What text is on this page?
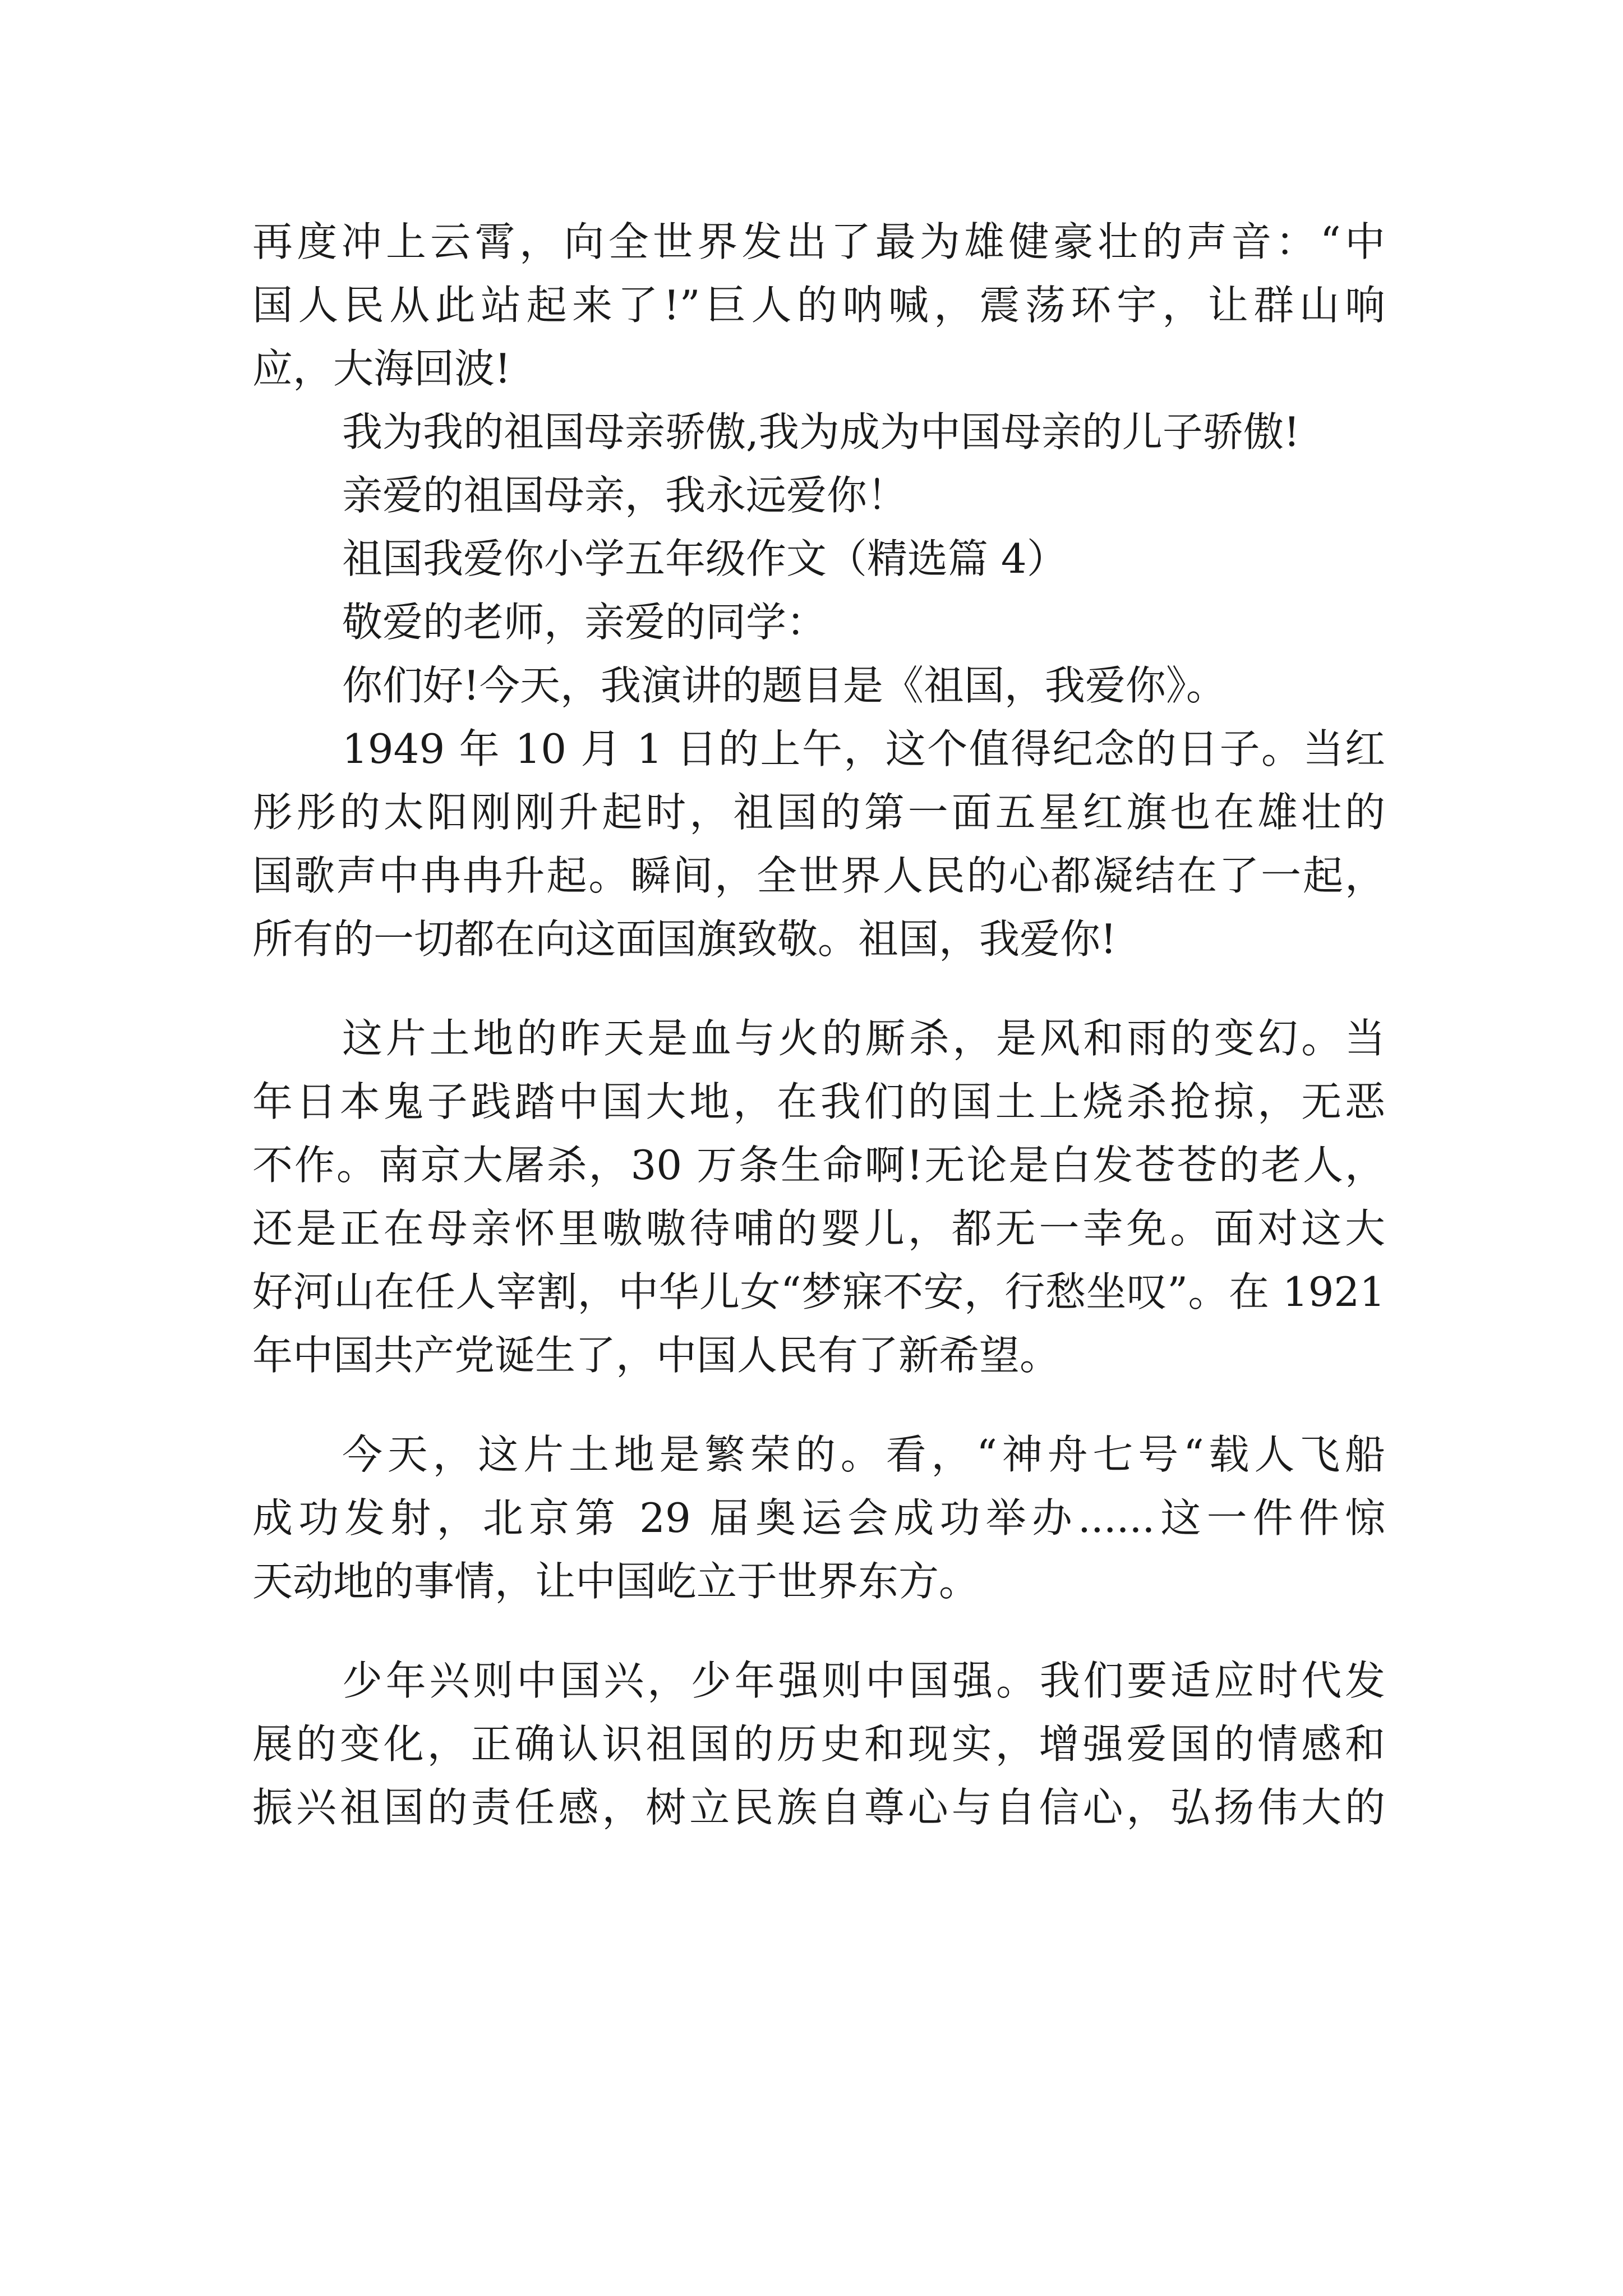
再度冲上云霄，向全世界发出了最为雄健豪壮的声音：“中
国人民从此站起来了!”巨人的呐喊，震荡环宇，让群山响
应，大海回波!
我为我的祖国母亲骄傲,我为成为中国母亲的儿子骄傲!
亲爱的祖国母亲，我永远爱你！
祖国我爱你小学五年级作文（精选篇 4）
敬爱的老师，亲爱的同学：
你们好!今天，我演讲的题目是《祖国，我爱你》。
1949 年 10 月 1 日的上午，这个值得纪念的日子。当红
彤彤的太阳刚刚升起时，祖国的第一面五星红旗也在雄壮的
国歌声中冉冉升起。瞬间，全世界人民的心都凝结在了一起，
所有的一切都在向这面国旗致敬。祖国，我爱你!
这片土地的昨天是血与火的厮杀，是风和雨的变幻。当
年日本鬼子践踏中国大地，在我们的国土上烧杀抢掠，无恶
不作。南京大屠杀，30 万条生命啊!无论是白发苍苍的老人，
还是正在母亲怀里嗷嗷待哺的婴儿，都无一幸免。面对这大
好河山在任人宰割，中华儿女“梦寐不安，行愁坐叹”。在 1921
年中国共产党诞生了，中国人民有了新希望。
今天，这片土地是繁荣的。看，“神舟七号“载人飞船
成功发射，北京第 29 届奥运会成功举办......这一件件惊
天动地的事情，让中国屹立于世界东方。
少年兴则中国兴，少年强则中国强。我们要适应时代发
展的变化，正确认识祖国的历史和现实，增强爱国的情感和
振兴祖国的责任感，树立民族自尊心与自信心，弘扬伟大的
